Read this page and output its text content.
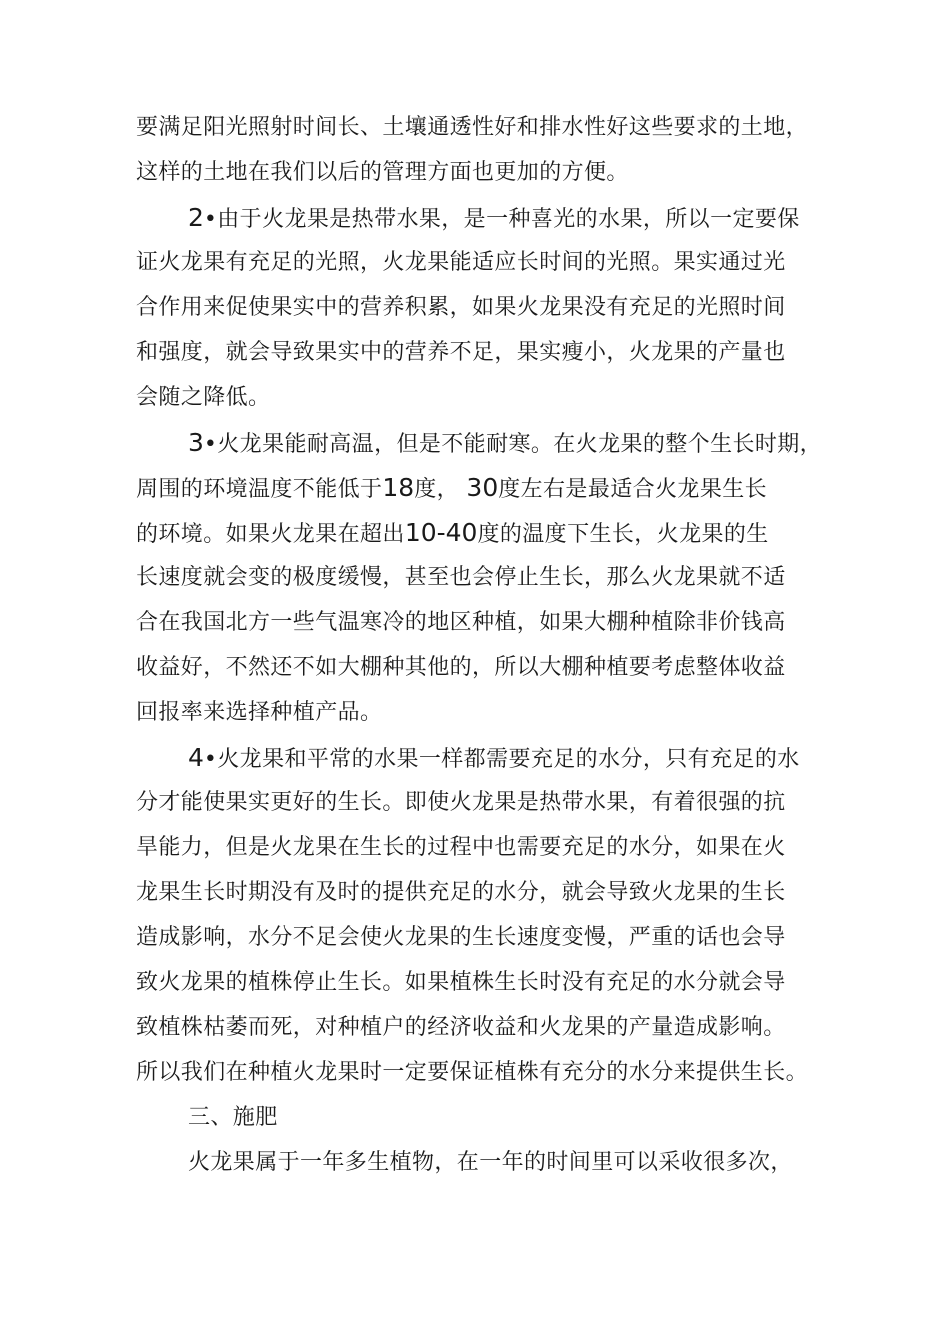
要满足阳光照射时间长、土壤通透性好和排水性好这些要求的土地，
这样的土地在我们以后的管理方面也更加的方便。
2•由于火龙果是热带水果，是一种喜光的水果，所以一定要保
证火龙果有充足的光照，火龙果能适应长时间的光照。果实通过光
合作用来促使果实中的营养积累，如果火龙果没有充足的光照时间
和强度，就会导致果实中的营养不足，果实瘦小，火龙果的产量也
会随之降低。
3•火龙果能耐高温，但是不能耐寒。在火龙果的整个生长时期，
周围的环境温度不能低于18度， 30度左右是最适合火龙果生长
的环境。如果火龙果在超出10-40度的温度下生长，火龙果的生
长速度就会变的极度缓慢，甚至也会停止生长，那么火龙果就不适
合在我国北方一些气温寒冷的地区种植，如果大棚种植除非价钱高
收益好，不然还不如大棚种其他的，所以大棚种植要考虑整体收益
回报率来选择种植产品。
4•火龙果和平常的水果一样都需要充足的水分，只有充足的水
分才能使果实更好的生长。即使火龙果是热带水果，有着很强的抗
旱能力，但是火龙果在生长的过程中也需要充足的水分，如果在火
龙果生长时期没有及时的提供充足的水分，就会导致火龙果的生长
造成影响，水分不足会使火龙果的生长速度变慢，严重的话也会导
致火龙果的植株停止生长。如果植株生长时没有充足的水分就会导
致植株枯萎而死，对种植户的经济收益和火龙果的产量造成影响。
所以我们在种植火龙果时一定要保证植株有充分的水分来提供生长。
三、施肥
火龙果属于一年多生植物，在一年的时间里可以采收很多次，
